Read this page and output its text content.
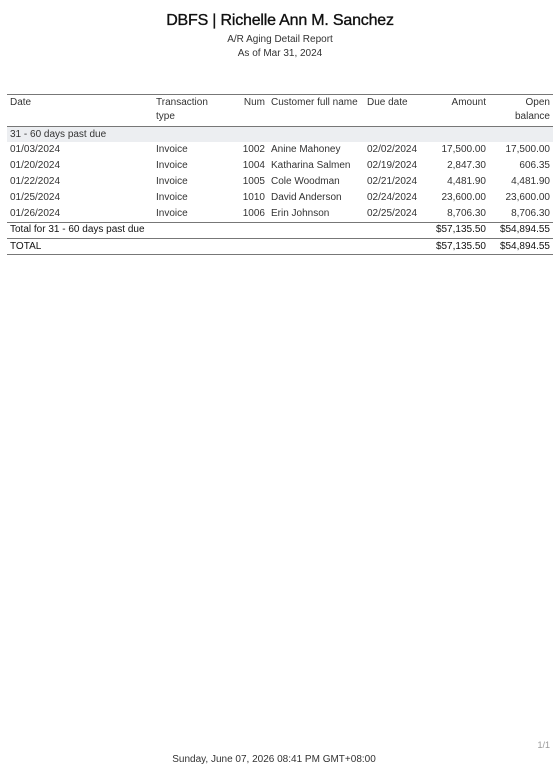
DBFS | Richelle Ann M. Sanchez
A/R Aging Detail Report
As of Mar 31, 2024
Date	Transaction type	Num	Customer full name	Due date	Amount	Open balance
31 - 60 days past due						
01/03/2024	Invoice	1002	Anine Mahoney	02/02/2024	17,500.00	17,500.00
01/20/2024	Invoice	1004	Katharina Salmen	02/19/2024	2,847.30	606.35
01/22/2024	Invoice	1005	Cole Woodman	02/21/2024	4,481.90	4,481.90
01/25/2024	Invoice	1010	David Anderson	02/24/2024	23,600.00	23,600.00
01/26/2024	Invoice	1006	Erin Johnson	02/25/2024	8,706.30	8,706.30
Total for 31 - 60 days past due					$57,135.50	$54,894.55
TOTAL					$57,135.50	$54,894.55
1/1
Sunday, June 07, 2026 08:41 PM GMT+08:00
